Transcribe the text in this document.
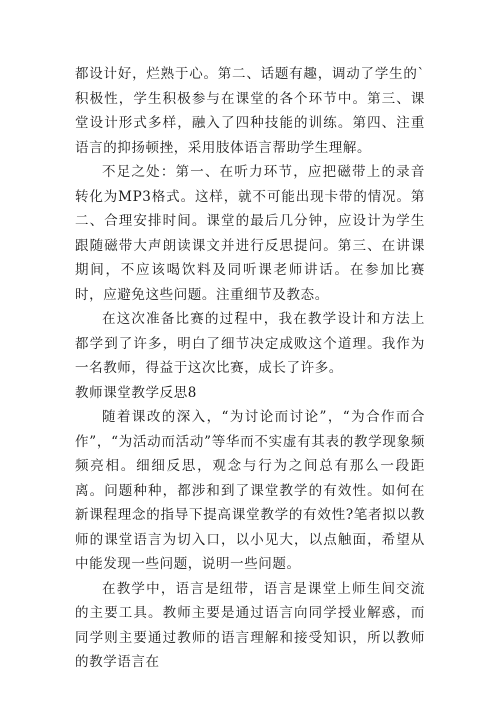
都设计好，烂熟于心。第二、话题有趣，调动了学生的`积极性，学生积极参与在课堂的各个环节中。第三、课堂设计形式多样，融入了四种技能的训练。第四、注重语言的抑扬顿挫，采用肢体语言帮助学生理解。

不足之处：第一、在听力环节，应把磁带上的录音转化为MP3格式。这样，就不可能出现卡带的情况。第二、合理安排时间。课堂的最后几分钟，应设计为学生跟随磁带大声朗读课文并进行反思提问。第三、在讲课期间，不应该喝饮料及同听课老师讲话。在参加比赛时，应避免这些问题。注重细节及教态。

在这次准备比赛的过程中，我在教学设计和方法上都学到了许多，明白了细节决定成败这个道理。我作为一名教师，得益于这次比赛，成长了许多。

教师课堂教学反思8

随着课改的深入，“为讨论而讨论”，“为合作而合作”，“为活动而活动”等华而不实虚有其表的教学现象频频亮相。细细反思，观念与行为之间总有那么一段距离。问题种种，都涉和到了课堂教学的有效性。如何在新课程理念的指导下提高课堂教学的有效性?笔者拟以教师的课堂语言为切入口，以小见大，以点触面，希望从中能发现一些问题，说明一些问题。

在教学中，语言是纽带，语言是课堂上师生间交流的主要工具。教师主要是通过语言向同学授业解惑，而同学则主要通过教师的语言理解和接受知识，所以教师的教学语言在
